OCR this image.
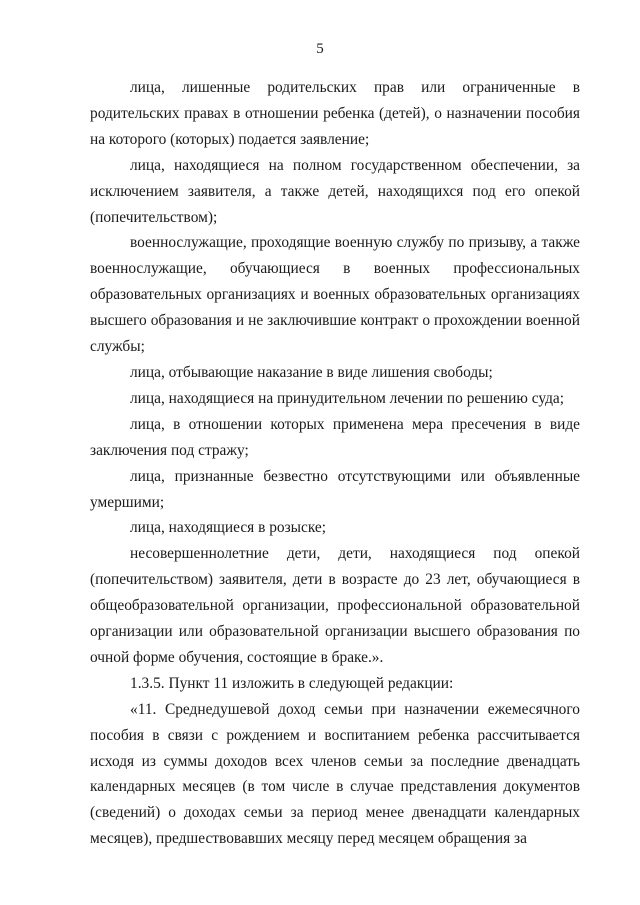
5

лица, лишенные родительских прав или ограниченные в родительских правах в отношении ребенка (детей), о назначении пособия на которого (которых) подается заявление;

лица, находящиеся на полном государственном обеспечении, за исключением заявителя, а также детей, находящихся под его опекой (попечительством);

военнослужащие, проходящие военную службу по призыву, а также военнослужащие, обучающиеся в военных профессиональных образовательных организациях и военных образовательных организациях высшего образования и не заключившие контракт о прохождении военной службы;

лица, отбывающие наказание в виде лишения свободы;

лица, находящиеся на принудительном лечении по решению суда;

лица, в отношении которых применена мера пресечения в виде заключения под стражу;

лица, признанные безвестно отсутствующими или объявленные умершими;

лица, находящиеся в розыске;

несовершеннолетние дети, дети, находящиеся под опекой (попечительством) заявителя, дети в возрасте до 23 лет, обучающиеся в общеобразовательной организации, профессиональной образовательной организации или образовательной организации высшего образования по очной форме обучения, состоящие в браке.».

1.3.5. Пункт 11 изложить в следующей редакции:

«11. Среднедушевой доход семьи при назначении ежемесячного пособия в связи с рождением и воспитанием ребенка рассчитывается исходя из суммы доходов всех членов семьи за последние двенадцать календарных месяцев (в том числе в случае представления документов (сведений) о доходах семьи за период менее двенадцати календарных месяцев), предшествовавших месяцу перед месяцем обращения за
